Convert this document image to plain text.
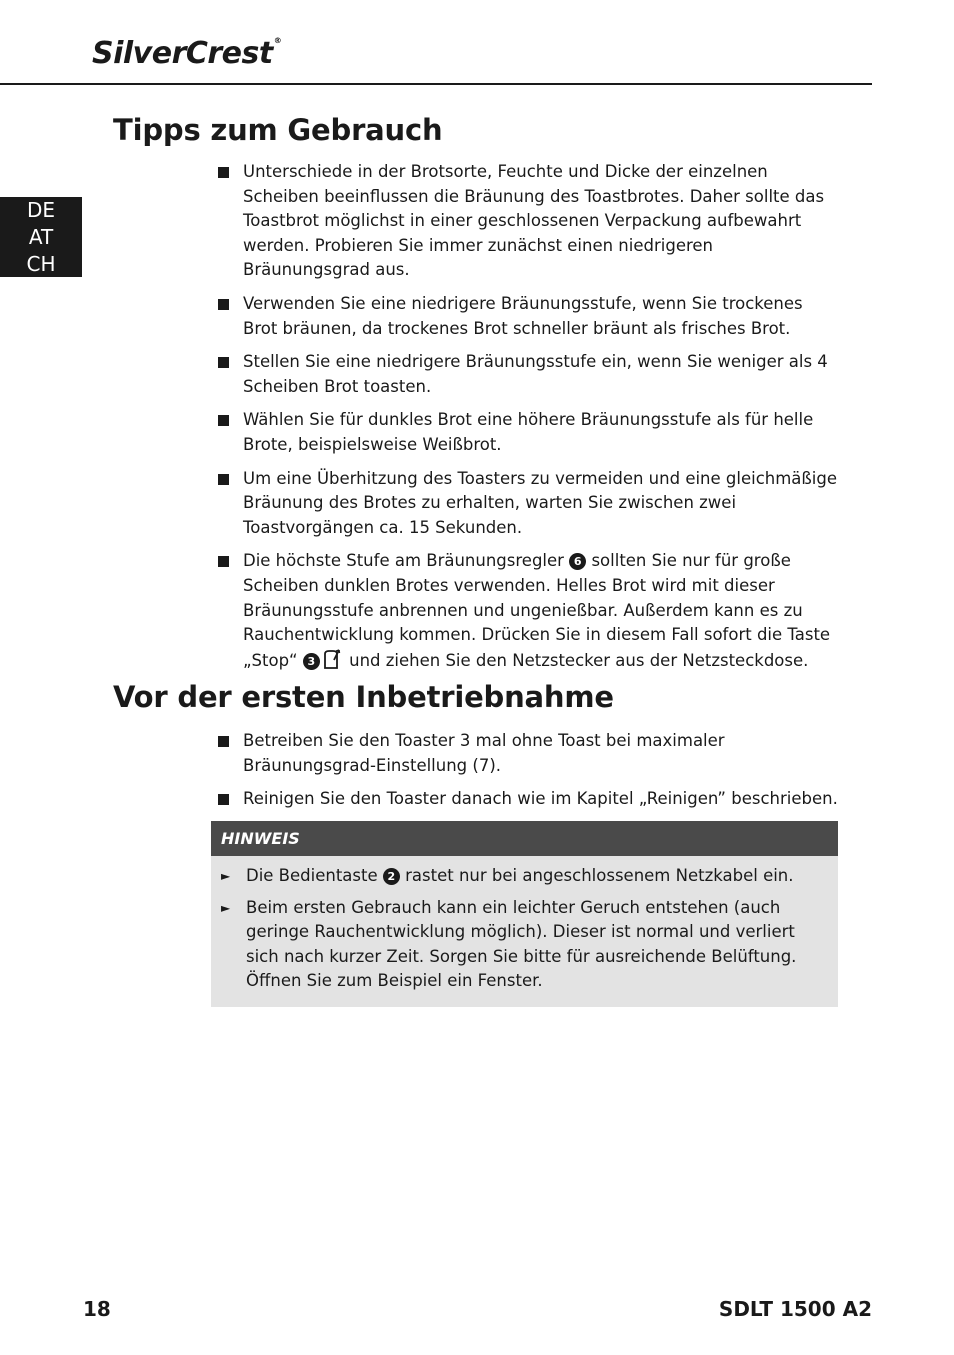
SilverCrest®
DE
AT
CH
Tipps zum Gebrauch
Unterschiede in der Brotsorte, Feuchte und Dicke der einzelnen Scheiben beeinflussen die Bräunung des Toastbrotes. Daher sollte das Toastbrot möglichst in einer geschlossenen Verpackung aufbewahrt werden. Probieren Sie immer zunächst einen niedrigeren Bräunungsgrad aus.
Verwenden Sie eine niedrigere Bräunungsstufe, wenn Sie trockenes Brot bräunen, da trockenes Brot schneller bräunt als frisches Brot.
Stellen Sie eine niedrigere Bräunungsstufe ein, wenn Sie weniger als 4 Scheiben Brot toasten.
Wählen Sie für dunkles Brot eine höhere Bräunungsstufe als für helle Brote, beispielsweise Weißbrot.
Um eine Überhitzung des Toasters zu vermeiden und eine gleichmäßige Bräunung des Brotes zu erhalten, warten Sie zwischen zwei Toastvorgängen ca. 15 Sekunden.
Die höchste Stufe am Bräunungsregler 6 sollten Sie nur für große Scheiben dunklen Brotes verwenden. Helles Brot wird mit dieser Bräunungsstufe anbrennen und ungenießbar. Außerdem kann es zu Rauchentwicklung kommen. Drücken Sie in diesem Fall sofort die Taste „Stop“ 3 und ziehen Sie den Netzstecker aus der Netzsteckdose.
Vor der ersten Inbetriebnahme
Betreiben Sie den Toaster 3 mal ohne Toast bei maximaler Bräunungsgrad-Einstellung (7).
Reinigen Sie den Toaster danach wie im Kapitel „Reinigen” beschrieben.
HINWEIS
► Die Bedientaste 2 rastet nur bei angeschlossenem Netzkabel ein.
► Beim ersten Gebrauch kann ein leichter Geruch entstehen (auch geringe Rauchentwicklung möglich). Dieser ist normal und verliert sich nach kurzer Zeit. Sorgen Sie bitte für ausreichende Belüftung. Öffnen Sie zum Beispiel ein Fenster.
18	SDLT 1500 A2
